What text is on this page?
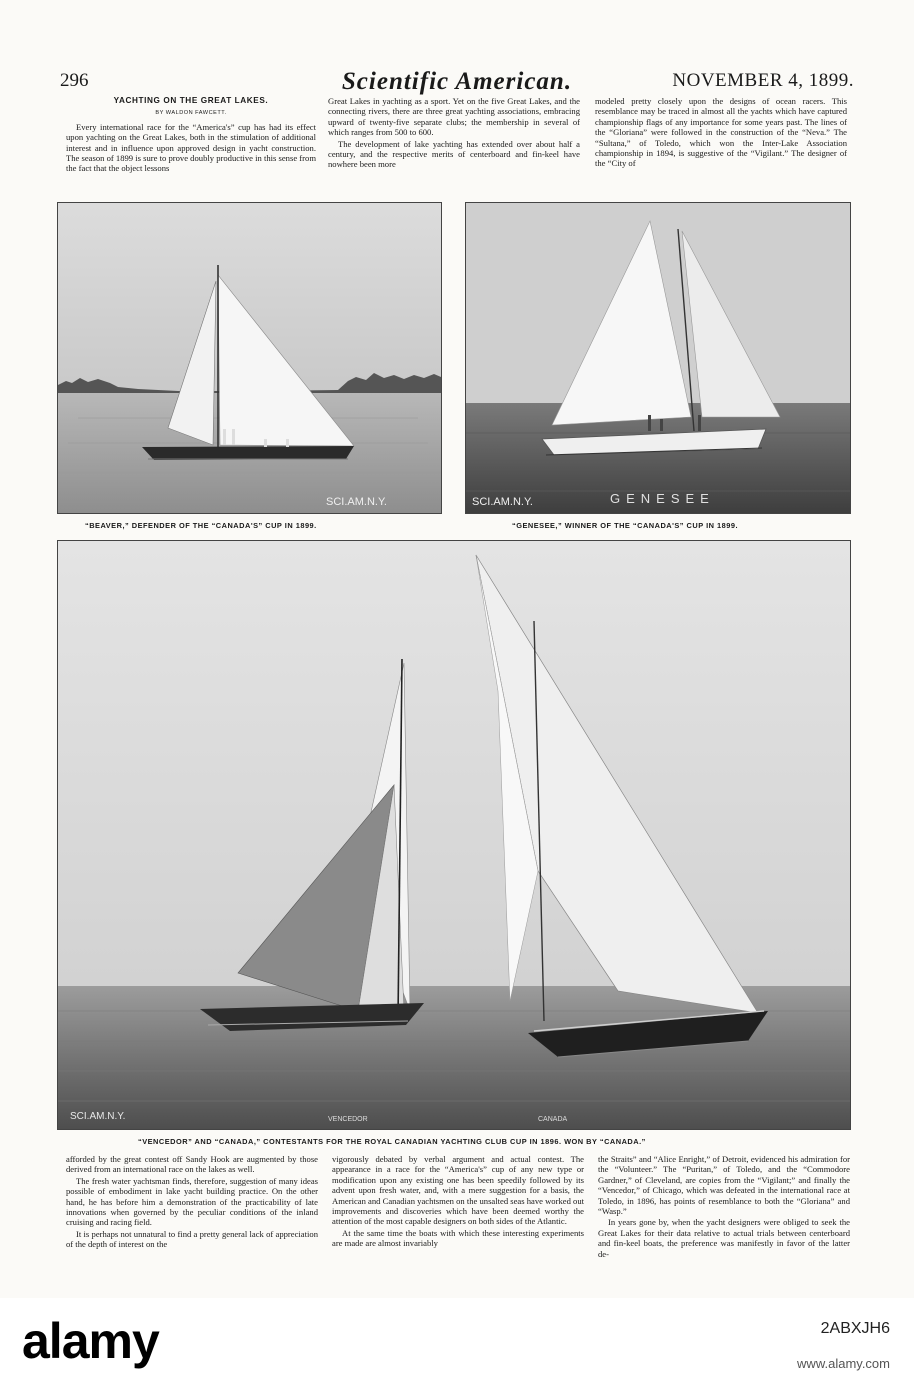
296	Scientific American.	NOVEMBER 4, 1899.
YACHTING ON THE GREAT LAKES.
BY WALDON FAWCETT.

Every international race for the “America's” cup has had its effect upon yachting on the Great Lakes, both in the stimulation of additional interest and in influence upon approved design in yacht construction. The season of 1899 is sure to prove doubly productive in this sense from the fact that the object lessons

Great Lakes in yachting as a sport. Yet on the five Great Lakes, and the connecting rivers, there are three great yachting associations, embracing upward of twenty-five separate clubs; the membership in several of which ranges from 500 to 600.

The development of lake yachting has extended over about half a century, and the respective merits of centerboard and fin-keel have nowhere been more

modeled pretty closely upon the designs of ocean racers. This resemblance may be traced in almost all the yachts which have captured championship flags of any importance for some years past. The lines of the “Gloriana” were followed in the construction of the “Neva.” The “Sultana,” of Toledo, which won the Inter-Lake Association championship in 1894, is suggestive of the “Vigilant.” The designer of the “City of

SCI.AM.N.Y.	GENESEE
SCI.AM.N.Y.
“BEAVER,” DEFENDER OF THE “CANADA'S” CUP IN 1899.	“GENESEE,” WINNER OF THE “CANADA'S” CUP IN 1899.
SCI.AM.N.Y.	VENCEDOR	CANADA
“VENCEDOR” AND “CANADA,” CONTESTANTS FOR THE ROYAL CANADIAN YACHTING CLUB CUP IN 1896. WON BY “CANADA.”

afforded by the great contest off Sandy Hook are augmented by those derived from an international race on the lakes as well.

The fresh water yachtsman finds, therefore, suggestion of many ideas possible of embodiment in lake yacht building practice. On the other hand, he has before him a demonstration of the practicability of late innovations when governed by the peculiar conditions of the inland cruising and racing field.

It is perhaps not unnatural to find a pretty general lack of appreciation of the depth of interest on the

vigorously debated by verbal argument and actual contest. The appearance in a race for the “America's” cup of any new type or modification upon any existing one has been speedily followed by its advent upon fresh water, and, with a mere suggestion for a basis, the American and Canadian yachtsmen on the unsalted seas have worked out improvements and discoveries which have been deemed worthy the attention of the most capable designers on both sides of the Atlantic.

At the same time the boats with which these interesting experiments are made are almost invariably

the Straits” and “Alice Enright,” of Detroit, evidenced his admiration for the “Volunteer.” The “Puritan,” of Toledo, and the “Commodore Gardner,” of Cleveland, are copies from the “Vigilant;” and finally the “Vencedor,” of Chicago, which was defeated in the international race at Toledo, in 1896, has points of resemblance to both the “Gloriana” and “Wasp.”

In years gone by, when the yacht designers were obliged to seek the Great Lakes for their data relative to actual trials between centerboard and fin-keel boats, the preference was manifestly in favor of the latter de-

alamy	2ABXJH6
www.alamy.com
